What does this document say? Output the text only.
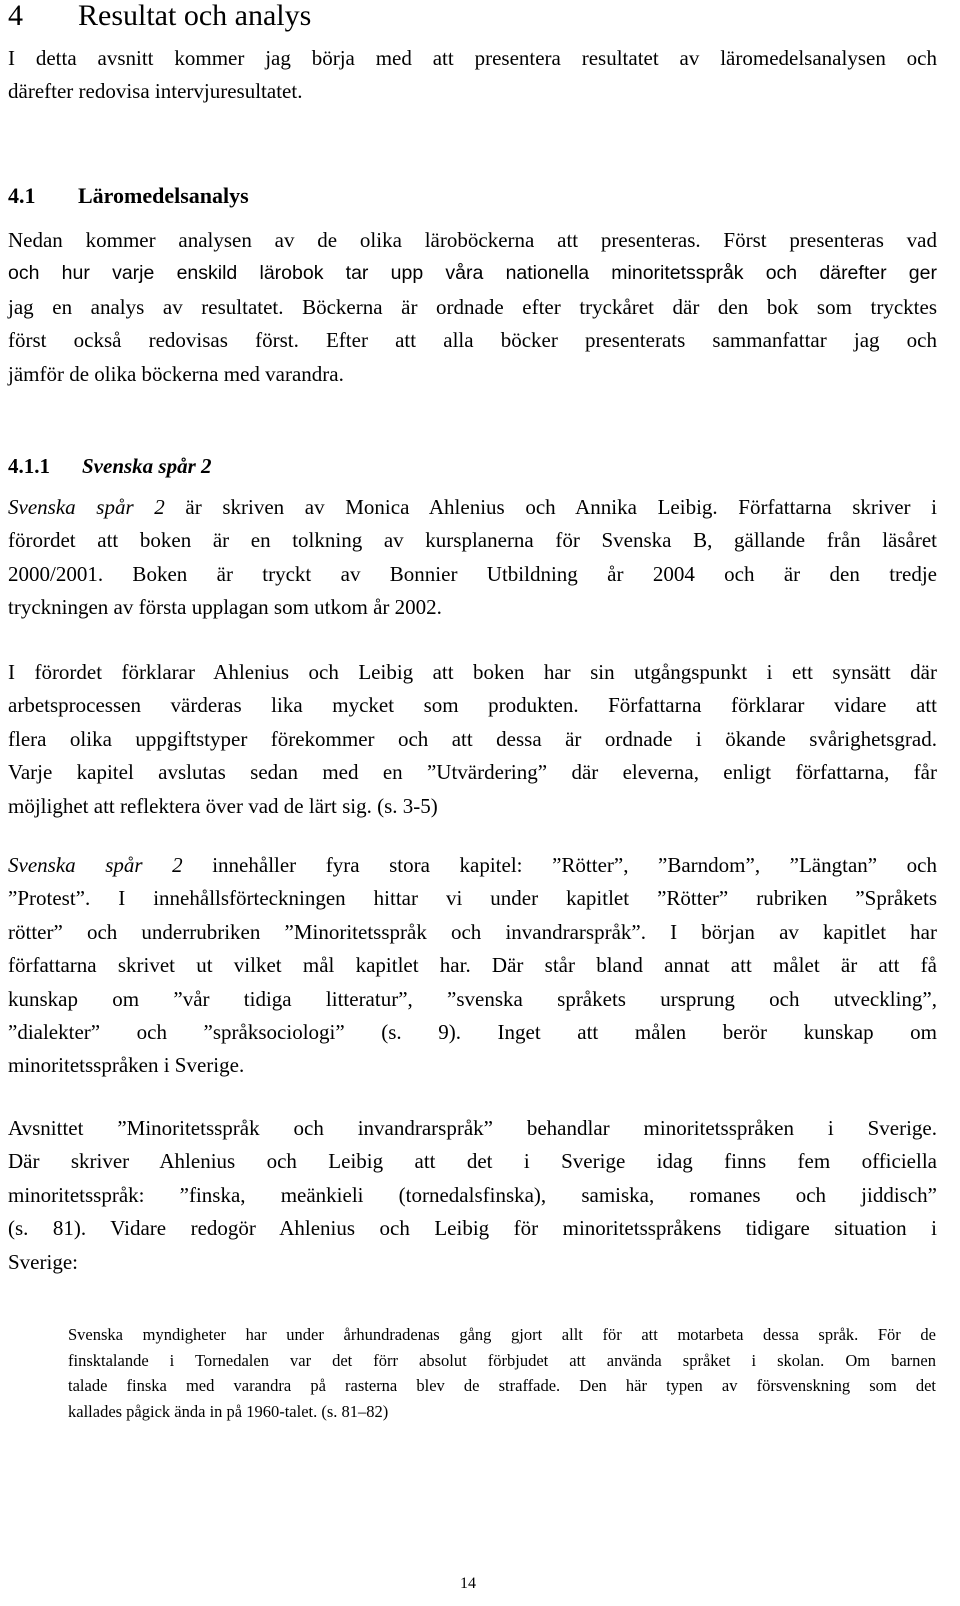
4 Resultat och analys

I detta avsnitt kommer jag börja med att presentera resultatet av läromedelsanalysen och
därefter redovisa intervjuresultatet.

4.1 Läromedelsanalys

Nedan kommer analysen av de olika läroböckerna att presenteras. Först presenteras vad
och hur varje enskild lärobok tar upp våra nationella minoritetsspråk och därefter ger
jag en analys av resultatet. Böckerna är ordnade efter tryckåret där den bok som trycktes
först också redovisas först. Efter att alla böcker presenterats sammanfattar jag och
jämför de olika böckerna med varandra.

4.1.1 Svenska spår 2

Svenska spår 2 är skriven av Monica Ahlenius och Annika Leibig. Författarna skriver i
förordet att boken är en tolkning av kursplanerna för Svenska B, gällande från läsåret
2000/2001. Boken är tryckt av Bonnier Utbildning år 2004 och är den tredje
tryckningen av första upplagan som utkom år 2002.

I förordet förklarar Ahlenius och Leibig att boken har sin utgångspunkt i ett synsätt där
arbetsprocessen värderas lika mycket som produkten. Författarna förklarar vidare att
flera olika uppgiftstyper förekommer och att dessa är ordnade i ökande svårighetsgrad.
Varje kapitel avslutas sedan med en ”Utvärdering” där eleverna, enligt författarna, får
möjlighet att reflektera över vad de lärt sig. (s. 3-5)

Svenska spår 2 innehåller fyra stora kapitel: ”Rötter”, ”Barndom”, ”Längtan” och
”Protest”. I innehållsförteckningen hittar vi under kapitlet ”Rötter” rubriken ”Språkets
rötter” och underrubriken ”Minoritetsspråk och invandrarspråk”. I början av kapitlet har
författarna skrivet ut vilket mål kapitlet har. Där står bland annat att målet är att få
kunskap om ”vår tidiga litteratur”, ”svenska språkets ursprung och utveckling”,
”dialekter” och ”språksociologi” (s. 9). Inget att målen berör kunskap om
minoritetsspråken i Sverige.

Avsnittet ”Minoritetsspråk och invandrarspråk” behandlar minoritetsspråken i Sverige.
Där skriver Ahlenius och Leibig att det i Sverige idag finns fem officiella
minoritetsspråk: ”finska, meänkieli (tornedalsfinska), samiska, romanes och jiddisch”
(s. 81). Vidare redogör Ahlenius och Leibig för minoritetsspråkens tidigare situation i
Sverige:

Svenska myndigheter har under århundradenas gång gjort allt för att motarbeta dessa språk. För de
finsktalande i Tornedalen var det förr absolut förbjudet att använda språket i skolan. Om barnen
talade finska med varandra på rasterna blev de straffade. Den här typen av försvenskning som det
kallades pågick ända in på 1960-talet. (s. 81–82)
14
